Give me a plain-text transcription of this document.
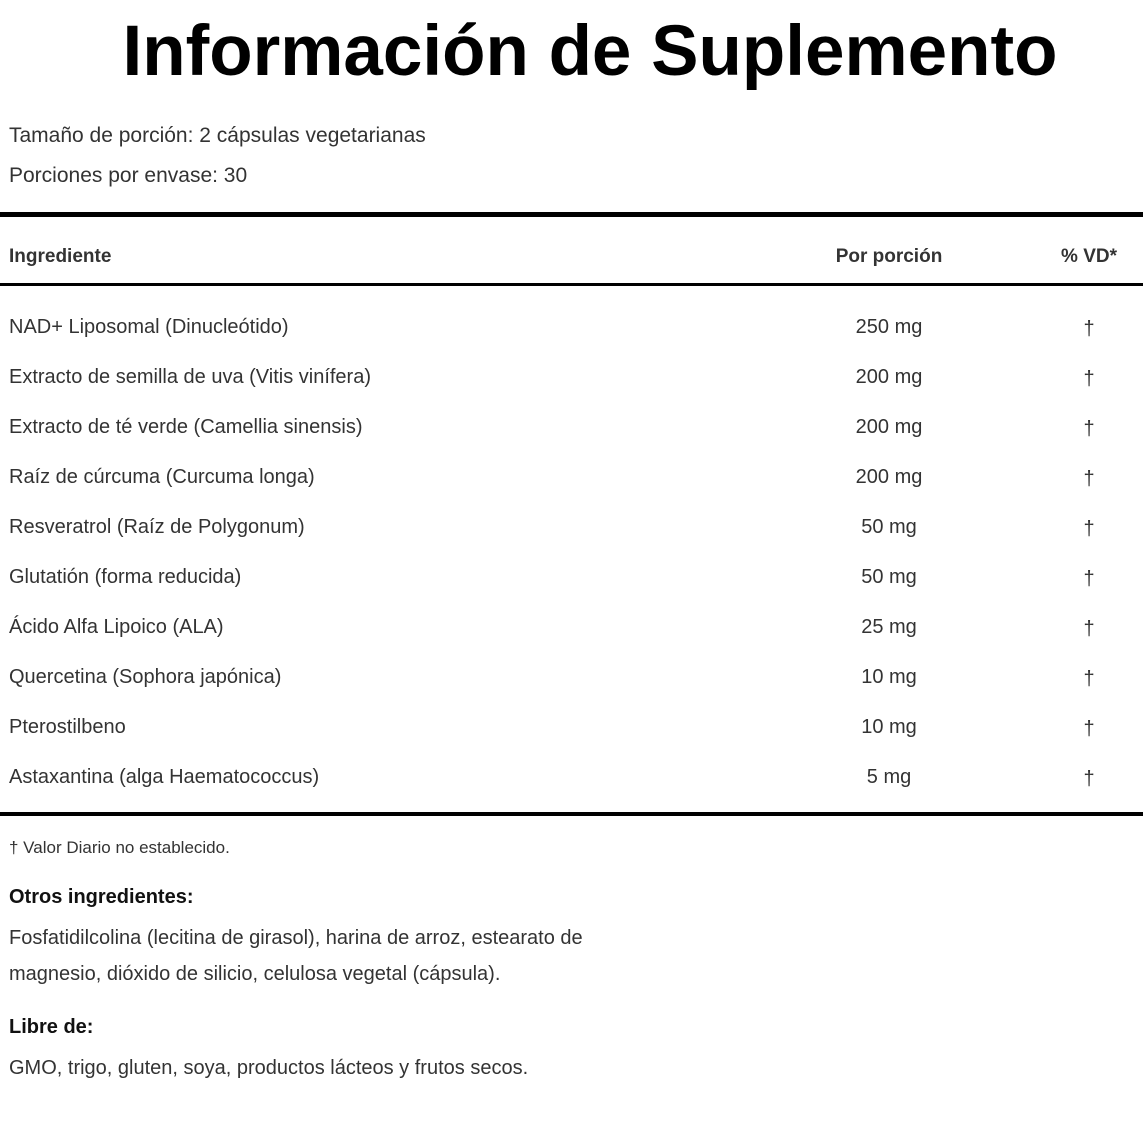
Información de Suplemento

Tamaño de porción: 2 cápsulas vegetarianas

Porciones por envase: 30

Ingrediente	Por porción	% VD*
NAD+ Liposomal (Dinucleótido)	250 mg	†
Extracto de semilla de uva (Vitis vinífera)	200 mg	†
Extracto de té verde (Camellia sinensis)	200 mg	†
Raíz de cúrcuma (Curcuma longa)	200 mg	†
Resveratrol (Raíz de Polygonum)	50 mg	†
Glutatión (forma reducida)	50 mg	†
Ácido Alfa Lipoico (ALA)	25 mg	†
Quercetina (Sophora japónica)	10 mg	†
Pterostilbeno	10 mg	†
Astaxantina (alga Haematococcus)	5 mg	†
† Valor Diario no establecido.
Otros ingredientes:
Fosfatidilcolina (lecitina de girasol), harina de arroz, estearato de
magnesio, dióxido de silicio, celulosa vegetal (cápsula).
Libre de:
GMO, trigo, gluten, soya, productos lácteos y frutos secos.
